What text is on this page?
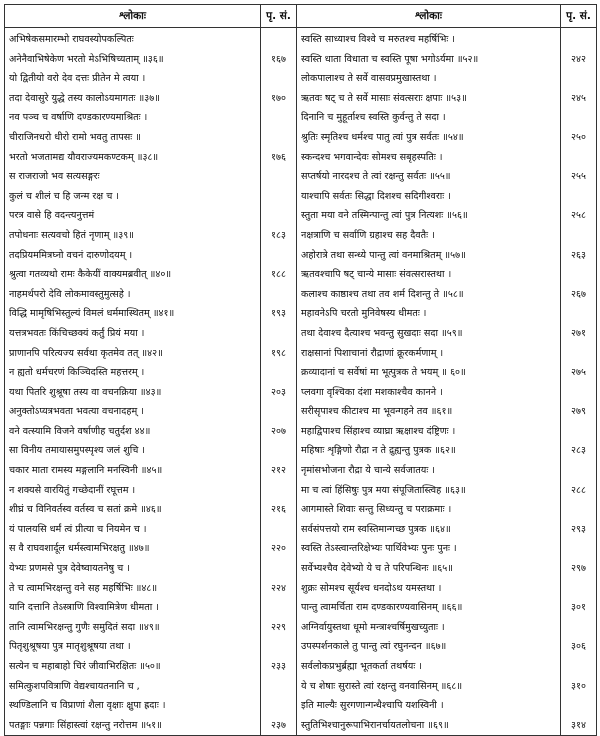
श्लोकाः	पृ. सं.	श्लोकाः	पृ. सं.
अभिषेकसमारम्भो राघवस्योपकल्पितः		स्वस्ति साध्याश्च विश्वे च मरुतश्च महर्षिभिः ।	
अनेनैवाभिषेकेण भरतो मेऽभिषिच्यताम् ॥३६॥	१६७	स्वस्ति धाता विधाता च स्वस्ति पूषा भगोऽर्यमा ॥५२॥	२४२
यो द्वितीयो वरो देव दत्तः प्रीतेन मे त्वया ।		लोकपालाश्च ते सर्वे वासवप्रमुखास्तथा ।	
तदा देवासुरे युद्धे तस्य कालोऽयमागतः ॥३७॥	१७०	ऋतवः षट् च ते सर्वे मासाः संवत्सराः क्षपाः ॥५३॥	२४५
नव पञ्च च वर्षाणि दण्डकारण्यमाश्रितः ।		दिनानि च मुहूर्ताश्च स्वस्ति कुर्वन्तु ते सदा ।	
चीराजिनधरो धीरो रामो भवतु तापसः ॥		श्रुतिः स्मृतिश्च धर्मश्च पातु त्वां पुत्र सर्वतः ॥५४॥	२५०
भरतो भजतामद्य यौवराज्यमकण्टकम् ॥३८॥	१७६	स्कन्दश्च भगवान्देवः सोमश्च सबृहस्पतिः ।	
स राजराजो भव सत्यसङ्गरः		सप्तर्षयो नारदश्च ते त्वां रक्षन्तु सर्वतः ॥५५॥	२५५
कुलं च शीलं च हि जन्म रक्ष च ।		याश्चापि सर्वतः सिद्धा दिशश्च सदिगीश्वराः ।	
परत्र वासे हि वदन्त्यनुत्तमं		स्तुता मया वने तस्मिन्पान्तु त्वां पुत्र नित्यशः ॥५६॥	२५८
तपोधनाः सत्यवचो हितं नृणाम् ॥३९॥	१८३	नक्षत्राणि च सर्वाणि ग्रहाश्च सह दैवतैः ।	
तदप्रियममित्रघ्नो वचनं दारुणोदयम् ।		अहोरात्रे तथा सन्ध्ये पान्तु त्वां वनमाश्रितम् ॥५७॥	२६३
श्रुत्वा गतव्यथो रामः कैकेयीं वाक्यमब्रवीत् ॥४०॥	१८८	ऋतवश्चापि षट् चान्ये मासाः संवत्सरास्तथा ।	
नाहमर्थपरो देवि लोकमावस्तुमुत्सहे ।		कलाश्च काष्ठाश्च तथा तव शर्म दिशन्तु ते ॥५८॥	२६७
विद्धि मामृषिभिस्तुल्यं विमलं धर्ममास्थितम् ॥४१॥	१९३	महावनेऽपि चरतो मुनिवेषस्य धीमतः ।	
यत्तत्रभवतः किंचिच्छक्यं कर्तुं प्रियं मया ।		तथा देवाश्च दैत्याश्च भवन्तु सुखदाः सदा ॥५९॥	२७१
प्राणानपि परित्यज्य सर्वथा कृतमेव तत् ॥४२॥	१९८	राक्षसानां पिशाचानां रौद्राणां क्रूरकर्मणाम् ।	
न ह्यतो धर्मचरणं किञ्चिदस्ति महत्तरम् ।		क्रव्यादानां च सर्वेषां मा भूत्पुत्रक ते भयम् ॥ ६०॥	२७५
यथा पितरि शुश्रूषा तस्य वा वचनक्रिया ॥४३॥	२०३	प्लवगा वृश्चिका दंशा मशकाश्चैव कानने ।	
अनुक्तोऽप्यत्रभवता भवत्या वचनादहम् ।		सरीसृपाश्च कीटाश्च मा भूवन्गहने तव ॥६१॥	२७९
वने वत्स्यामि विजने वर्षाणीह चतुर्दश ४४॥	२०७	महाद्विपाश्च सिंहाश्च व्याघ्रा ऋक्षाश्च दंष्ट्रिणः ।	
सा विनीय तमायासमुपस्पृश्य जलं शुचि ।		महिषाः शृङ्गिणो रौद्रा न ते द्रुह्यन्तु पुत्रक ॥६२॥	२८३
चकार माता रामस्य मङ्गलानि मनस्विनी ॥४५॥	२१२	नृमांसभोजना रौद्रा ये चान्ये सर्वजातयः ।	
न शक्यसे वारयितुं गच्छेदानीं रघूत्तम ।		मा च त्वां हिंसिषुः पुत्र मया संपूजितास्त्विह ॥६३॥	२८८
शीघ्रं च विनिवर्तस्व वर्तस्व च सतां क्रमे ॥४६॥	२१६	आगमास्ते शिवाः सन्तु सिध्यन्तु च पराक्रमाः ।	
यं पालयसि धर्मं त्वं प्रीत्या च नियमेन च ।		सर्वसंपत्तयो राम स्वस्तिमान्गच्छ पुत्रक ॥६४॥	२९३
स वै राघवशार्दूल धर्मस्त्वामभिरक्षतु ॥४७॥	२२०	स्वस्ति तेऽस्त्वान्तरिक्षेभ्यः पार्थिवेभ्यः पुनः पुनः ।	
येभ्यः प्रणमसे पुत्र देवेष्वायतनेषु च ।		सर्वेभ्यश्चैव देवेभ्यो ये च ते परिपन्थिनः ॥६५॥	२९७
ते च त्वामभिरक्षन्तु वने सह महर्षिभिः ॥४८॥	२२४	शुक्रः सोमश्च सूर्यश्च धनदोऽथ यमस्तथा ।	
यानि दत्तानि तेऽस्त्राणि विश्वामित्रेण धीमता ।		पान्तु त्वामर्चिता राम दण्डकारण्यवासिनम् ॥६६॥	३०१
तानि त्वामभिरक्षन्तु गुणैः समुदितं सदा ॥४९॥	२२९	अग्निर्वायुस्तथा धूमो मन्त्राश्चर्षिमुखच्युताः ।	
पितृशुश्रूषया पुत्र मातृशुश्रूषया तथा ।		उपस्पर्शनकाले तु पान्तु त्वां रघुनन्दन ॥६७॥	३०६
सत्येन च महाबाहो चिरं जीवाभिरक्षितः ॥५०॥	२३३	सर्वलोकप्रभुर्ब्रह्मा भूतकर्ता तथर्षयः ।	
समित्कुशपवित्राणि वेद्यश्चायतनानि च ,		ये च शेषाः सुरास्ते त्वां रक्षन्तु वनवासिनम् ॥६८॥	३१०
स्थण्डिलानि च विप्राणां शैला वृक्षाः क्षुपा ह्रदाः ।		इति माल्यैः सुरगणान्गन्धैश्चापि यशस्विनी ।	
पतङ्गाः पन्नगाः सिंहास्त्वां रक्षन्तु नरोत्तम ॥५१॥	२३७	स्तुतिभिश्चानुरूपाभिरानर्चायतलोचना ॥६९॥	३१४
